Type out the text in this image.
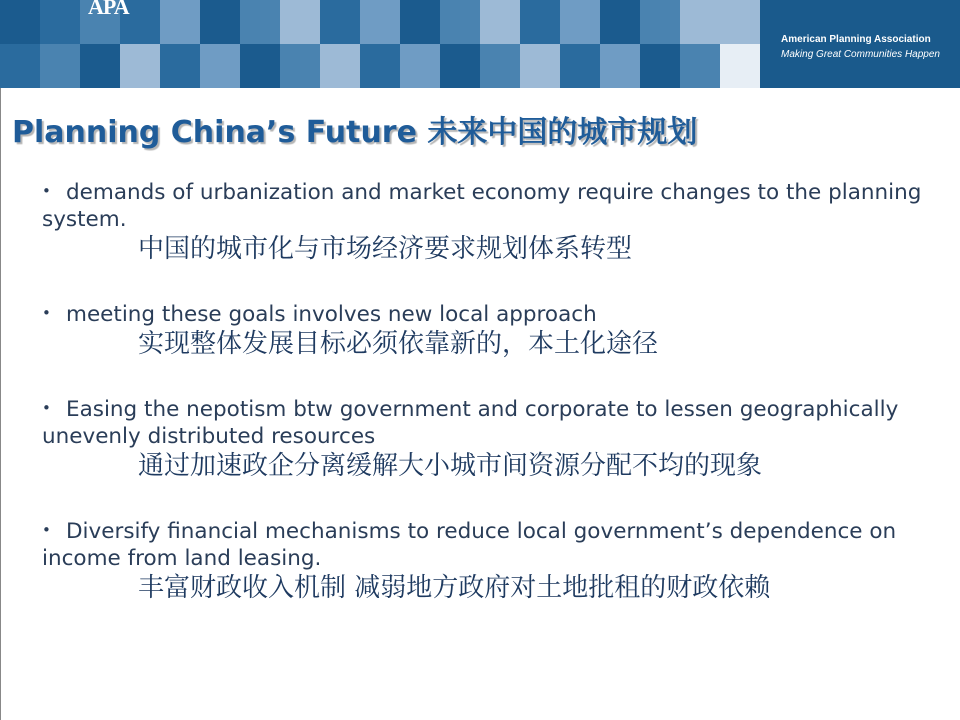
APA
American Planning Association
Making Great Communities Happen
Planning China’s Future 未来中国的城市规划
• demands of urbanization and market economy require changes to the planning system.
中国的城市化与市场经济要求规划体系转型
• meeting these goals involves new local approach
实现整体发展目标必须依靠新的，本土化途径
• Easing the nepotism btw government and corporate to lessen geographically unevenly distributed resources
通过加速政企分离缓解大小城市间资源分配不均的现象
• Diversify financial mechanisms to reduce local government’s dependence on income from land leasing.
丰富财政收入机制 减弱地方政府对土地批租的财政依赖
